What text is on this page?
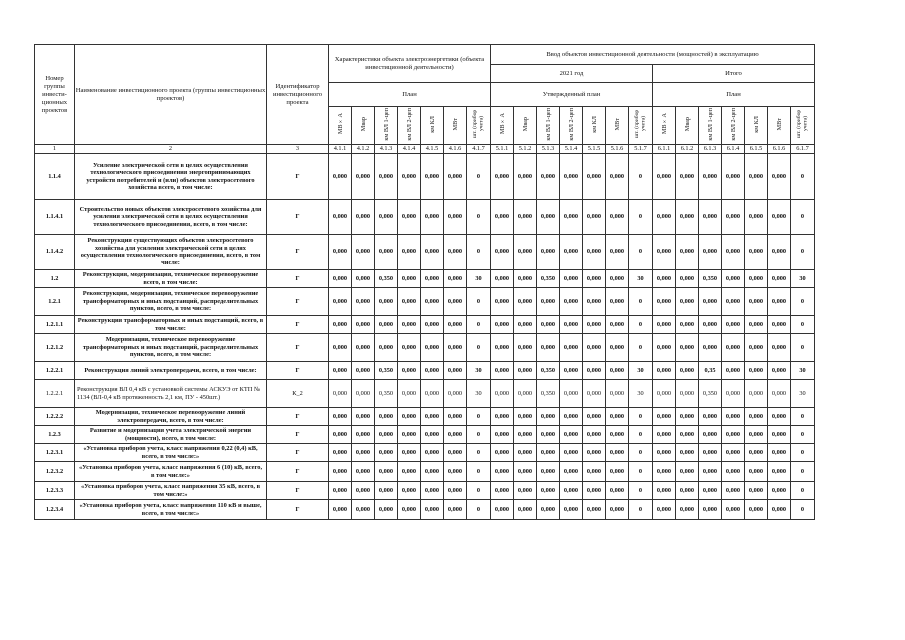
Номер группы инвести-ционных проектов	Наименование инвестиционного проекта (группы инвестиционных проектов)	Идентификатор инвестиционного проекта	Характеристики объекта электроэнергетики (объекта инвестиционной деятельности)							Ввод объектов инвестиционной деятельности (мощностей) в эксплуатацию													
										2021 год							Итого						
			План							Утвержденный план							План						
			МВ×А	Мвар	км ВЛ 1-цеп	км ВЛ 2-цеп	км КЛ	МВт	шт. (прибор учета)	МВ×А	Мвар	км ВЛ 1-цеп	км ВЛ 2-цеп	км КЛ	МВт	шт. (прибор учета)	МВ×А	Мвар	км ВЛ 1-цеп	км ВЛ 2-цеп	км КЛ	МВт	шт. (прибор учета)
1	2	3	4.1.1	4.1.2	4.1.3	4.1.4	4.1.5	4.1.6	4.1.7	5.1.1	5.1.2	5.1.3	5.1.4	5.1.5	5.1.6	5.1.7	6.1.1	6.1.2	6.1.3	6.1.4	6.1.5	6.1.6	6.1.7
1.1.4	Усиление электрической сети в целях осуществления технологического присоединения энергопринимающих устройств потребителей и (или) объектов электросетевого хозяйства всего, в том числе:	Г	0,000	0,000	0,000	0,000	0,000	0,000	0	0,000	0,000	0,000	0,000	0,000	0,000	0	0,000	0,000	0,000	0,000	0,000	0,000	0
1.1.4.1	Строительство новых объектов электросетевого хозяйства для усиления электрической сети в целях осуществления технологического присоединения, всего, в том числе:	Г	0,000	0,000	0,000	0,000	0,000	0,000	0	0,000	0,000	0,000	0,000	0,000	0,000	0	0,000	0,000	0,000	0,000	0,000	0,000	0
1.1.4.2	Реконструкция существующих объектов электросетевого хозяйства для усиления электрической сети в целях осуществления технологического присоединения, всего, в том числе:	Г	0,000	0,000	0,000	0,000	0,000	0,000	0	0,000	0,000	0,000	0,000	0,000	0,000	0	0,000	0,000	0,000	0,000	0,000	0,000	0
1.2	Реконструкция, модернизация, техническое перевооружение всего, в том числе:	Г	0,000	0,000	0,350	0,000	0,000	0,000	30	0,000	0,000	0,350	0,000	0,000	0,000	30	0,000	0,000	0,350	0,000	0,000	0,000	30
1.2.1	Реконструкция, модернизация, техническое перевооружение трансформаторных и иных подстанций, распределительных пунктов, всего, в том числе:	Г	0,000	0,000	0,000	0,000	0,000	0,000	0	0,000	0,000	0,000	0,000	0,000	0,000	0	0,000	0,000	0,000	0,000	0,000	0,000	0
1.2.1.1	Реконструкция трансформаторных и иных подстанций, всего, в том числе:	Г	0,000	0,000	0,000	0,000	0,000	0,000	0	0,000	0,000	0,000	0,000	0,000	0,000	0	0,000	0,000	0,000	0,000	0,000	0,000	0
1.2.1.2	Модернизация, техническое перевооружение трансформаторных и иных подстанций, распределительных пунктов, всего, в том числе:	Г	0,000	0,000	0,000	0,000	0,000	0,000	0	0,000	0,000	0,000	0,000	0,000	0,000	0	0,000	0,000	0,000	0,000	0,000	0,000	0
1.2.2.1	Реконструкция линий электропередачи, всего, в том числе:	Г	0,000	0,000	0,350	0,000	0,000	0,000	30	0,000	0,000	0,350	0,000	0,000	0,000	30	0,000	0,000	0,35	0,000	0,000	0,000	30
1.2.2.1	Реконструкция ВЛ 0,4 кВ с установкой системы АСКУЭ от КТП № 1134 (ВЛ-0,4 кВ протяженность 2,1 км, ПУ - 450шт.)	К_2	0,000	0,000	0,350	0,000	0,000	0,000	30	0,000	0,000	0,350	0,000	0,000	0,000	30	0,000	0,000	0,350	0,000	0,000	0,000	30
1.2.2.2	Модернизация, техническое перевооружение линий электропередачи, всего, в том числе:	Г	0,000	0,000	0,000	0,000	0,000	0,000	0	0,000	0,000	0,000	0,000	0,000	0,000	0	0,000	0,000	0,000	0,000	0,000	0,000	0
1.2.3	Развитие и модернизация учета электрической энергии (мощности), всего, в том числе:	Г	0,000	0,000	0,000	0,000	0,000	0,000	0	0,000	0,000	0,000	0,000	0,000	0,000	0	0,000	0,000	0,000	0,000	0,000	0,000	0
1.2.3.1	«Установка приборов учета, класс напряжения 0,22 (0,4) кВ, всего, в том числе:»	Г	0,000	0,000	0,000	0,000	0,000	0,000	0	0,000	0,000	0,000	0,000	0,000	0,000	0	0,000	0,000	0,000	0,000	0,000	0,000	0
1.2.3.2	«Установка приборов учета, класс напряжения 6 (10) кВ, всего, в том числе:»	Г	0,000	0,000	0,000	0,000	0,000	0,000	0	0,000	0,000	0,000	0,000	0,000	0,000	0	0,000	0,000	0,000	0,000	0,000	0,000	0
1.2.3.3	«Установка приборов учета, класс напряжения 35 кВ, всего, в том числе:»	Г	0,000	0,000	0,000	0,000	0,000	0,000	0	0,000	0,000	0,000	0,000	0,000	0,000	0	0,000	0,000	0,000	0,000	0,000	0,000	0
1.2.3.4	«Установка приборов учета, класс напряжения 110 кВ и выше, всего, в том числе:»	Г	0,000	0,000	0,000	0,000	0,000	0,000	0	0,000	0,000	0,000	0,000	0,000	0,000	0	0,000	0,000	0,000	0,000	0,000	0,000	0
